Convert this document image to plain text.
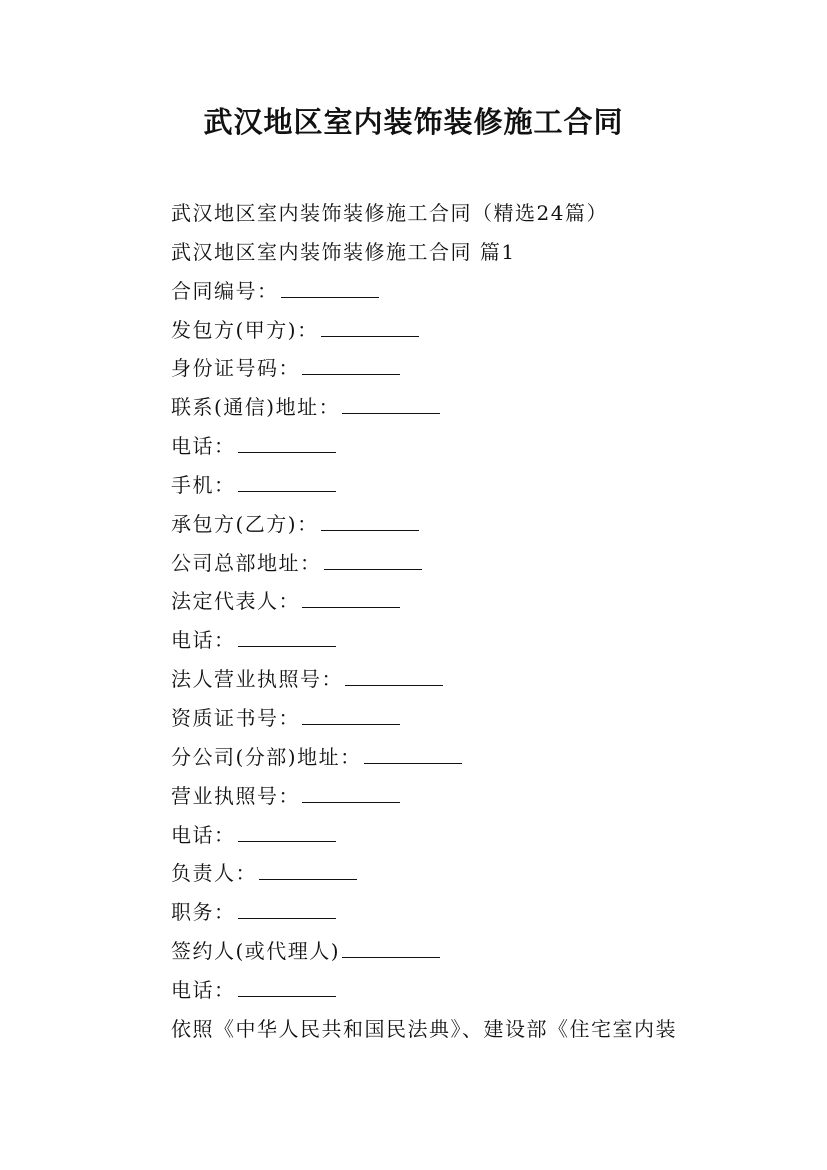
武汉地区室内装饰装修施工合同
武汉地区室内装饰装修施工合同（精选24篇）
武汉地区室内装饰装修施工合同 篇1
合同编号：
发包方(甲方)：
身份证号码：
联系(通信)地址：
电话：
手机：
承包方(乙方)：
公司总部地址：
法定代表人：
电话：
法人营业执照号：
资质证书号：
分公司(分部)地址：
营业执照号：
电话：
负责人：
职务：
签约人(或代理人)
电话：
依照《中华人民共和国民法典》、建设部《住宅室内装
